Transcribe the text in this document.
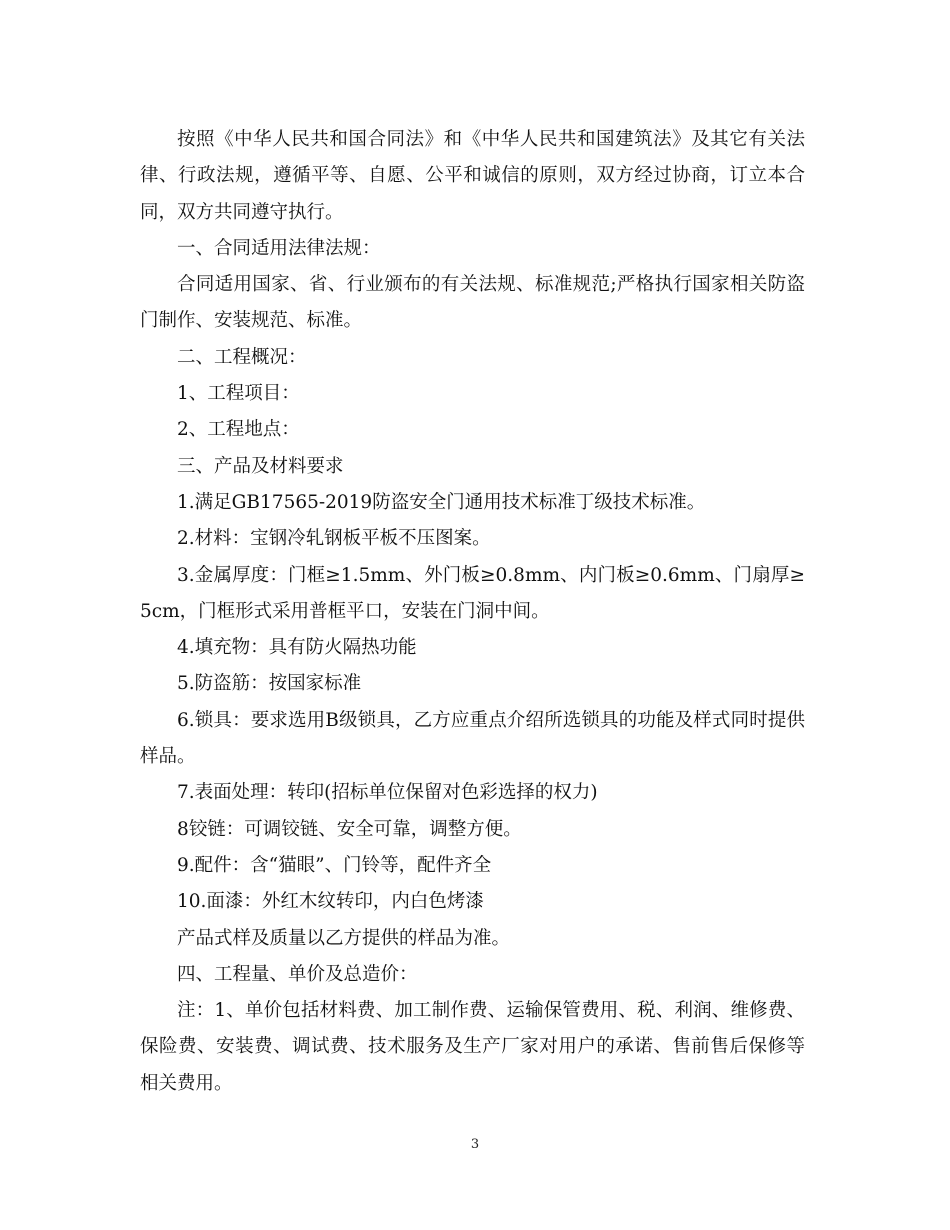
按照《中华人民共和国合同法》和《中华人民共和国建筑法》及其它有关法律、行政法规，遵循平等、自愿、公平和诚信的原则，双方经过协商，订立本合同，双方共同遵守执行。

一、合同适用法律法规：

合同适用国家、省、行业颁布的有关法规、标准规范;严格执行国家相关防盗门制作、安装规范、标准。

二、工程概况：

1、工程项目：

2、工程地点：

三、产品及材料要求

1.满足GB17565-2019防盗安全门通用技术标准丁级技术标准。

2.材料：宝钢冷轧钢板平板不压图案。

3.金属厚度：门框≥1.5mm、外门板≥0.8mm、内门板≥0.6mm、门扇厚≥5cm，门框形式采用普框平口，安装在门洞中间。

4.填充物：具有防火隔热功能

5.防盗筋：按国家标准

6.锁具：要求选用B级锁具，乙方应重点介绍所选锁具的功能及样式同时提供样品。

7.表面处理：转印(招标单位保留对色彩选择的权力)

8铰链：可调铰链、安全可靠，调整方便。

9.配件：含“猫眼”、门铃等，配件齐全

10.面漆：外红木纹转印，内白色烤漆

产品式样及质量以乙方提供的样品为准。

四、工程量、单价及总造价：

注：1、单价包括材料费、加工制作费、运输保管费用、税、利润、维修费、保险费、安装费、调试费、技术服务及生产厂家对用户的承诺、售前售后保修等相关费用。

3
